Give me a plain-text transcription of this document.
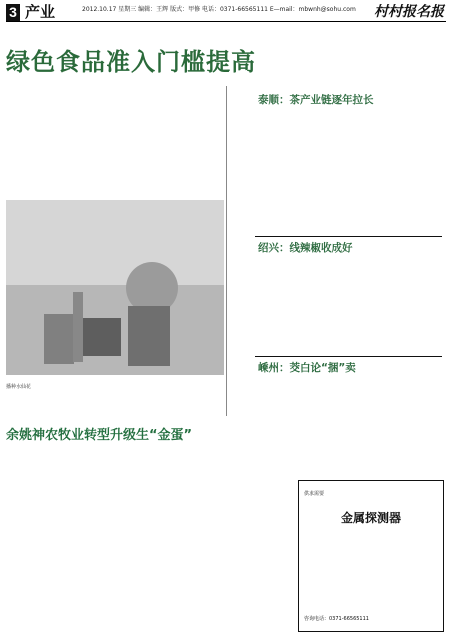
3 产业	2012.10.17 星期三 编辑：王辉 版式：甲修 电话：0371-66565111 E—mail：mbwnh@sohu.com 村村报名报
绿色食品准入门槛提高
播种水仙花
泰顺：茶产业链逐年拉长
绍兴：线辣椒收成好
嵊州：茭白论“捆”卖
余姚神农牧业转型升级生“金蛋”
金属探测器
供求需要
咨询电话：0371-66565111
